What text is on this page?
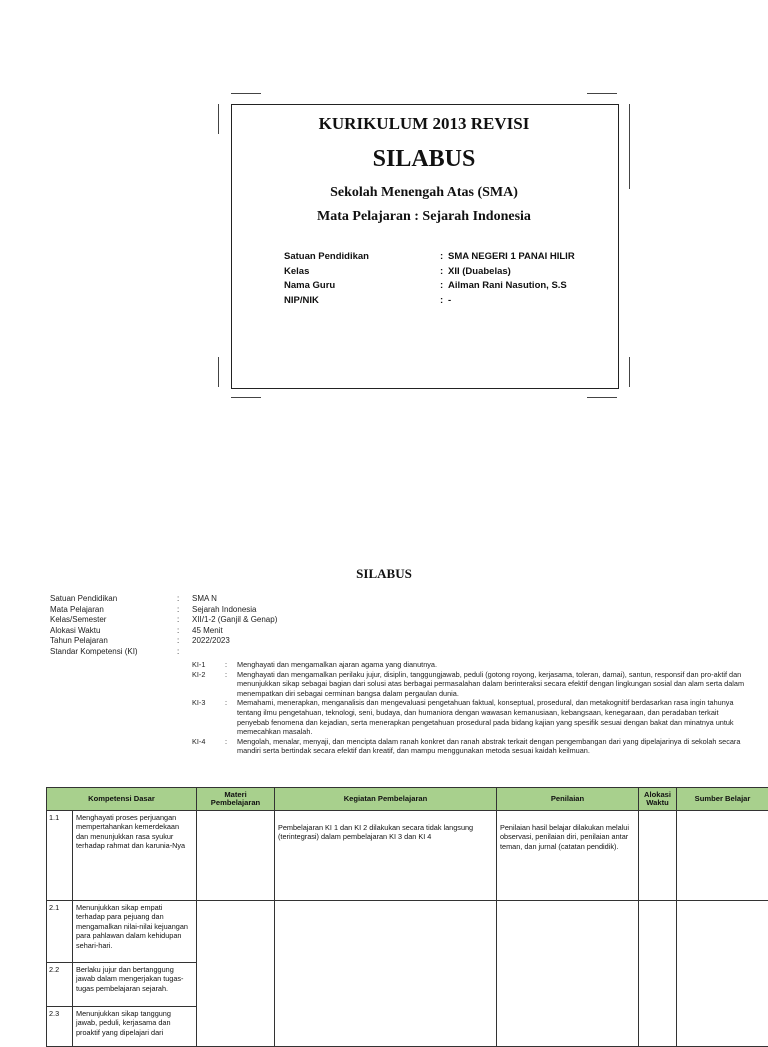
KURIKULUM 2013 REVISI
SILABUS
Sekolah Menengah Atas (SMA)
Mata Pelajaran : Sejarah Indonesia
Satuan Pendidikan	: SMA NEGERI 1 PANAI HILIR
Kelas	: XII (Duabelas)
Nama Guru	: Ailman Rani Nasution, S.S
NIP/NIK	: -
SILABUS
Satuan Pendidikan	: SMA N
Mata Pelajaran	: Sejarah Indonesia
Kelas/Semester	: XII/1-2 (Ganjil & Genap)
Alokasi Waktu	: 45 Menit
Tahun Pelajaran	: 2022/2023
Standar Kompetensi (KI)	:
KI-1	: Menghayati dan mengamalkan ajaran agama yang dianutnya.
KI-2	: Menghayati dan mengamalkan perilaku jujur, disiplin, tanggungjawab, peduli (gotong royong, kerjasama, toleran, damai), santun, responsif dan pro-aktif dan menunjukkan sikap sebagai bagian dari solusi atas berbagai permasalahan dalam berinteraksi secara efektif dengan lingkungan sosial dan alam serta dalam menempatkan diri sebagai cerminan bangsa dalam pergaulan dunia.
KI-3	: Memahami, menerapkan, menganalisis dan mengevaluasi pengetahuan faktual, konseptual, prosedural, dan metakognitif berdasarkan rasa ingin tahunya tentang ilmu pengetahuan, teknologi, seni, budaya, dan humaniora dengan wawasan kemanusiaan, kebangsaan, kenegaraan, dan peradaban terkait penyebab fenomena dan kejadian, serta menerapkan pengetahuan prosedural pada bidang kajian yang spesifik sesuai dengan bakat dan minatnya untuk memecahkan masalah.
KI-4	: Mengolah, menalar, menyaji, dan mencipta dalam ranah konkret dan ranah abstrak terkait dengan pengembangan dari yang dipelajarinya di sekolah secara mandiri serta bertindak secara efektif dan kreatif, dan mampu menggunakan metoda sesuai kaidah keilmuan.
Kompetensi Dasar		Materi Pembelajaran	Kegiatan Pembelajaran	Penilaian	Alokasi Waktu	Sumber Belajar
1.1	Menghayati proses perjuangan mempertahankan kemerdekaan dan menunjukkan rasa syukur terhadap rahmat dan karunia-Nya		Pembelajaran KI 1 dan KI 2 dilakukan secara tidak langsung (terintegrasi) dalam pembelajaran KI 3 dan KI 4	Penilaian hasil belajar dilakukan melalui observasi, penilaian diri, penilaian antar teman, dan jurnal (catatan pendidik).		
2.1	Menunjukkan sikap empati terhadap para pejuang dan mengamalkan nilai-nilai kejuangan para pahlawan dalam kehidupan sehari-hari.					
2.2	Berlaku jujur dan bertanggung jawab dalam mengerjakan tugas-tugas pembelajaran sejarah.					
2.3	Menunjukkan sikap tanggung jawab, peduli, kerjasama dan proaktif yang dipelajari dari					
